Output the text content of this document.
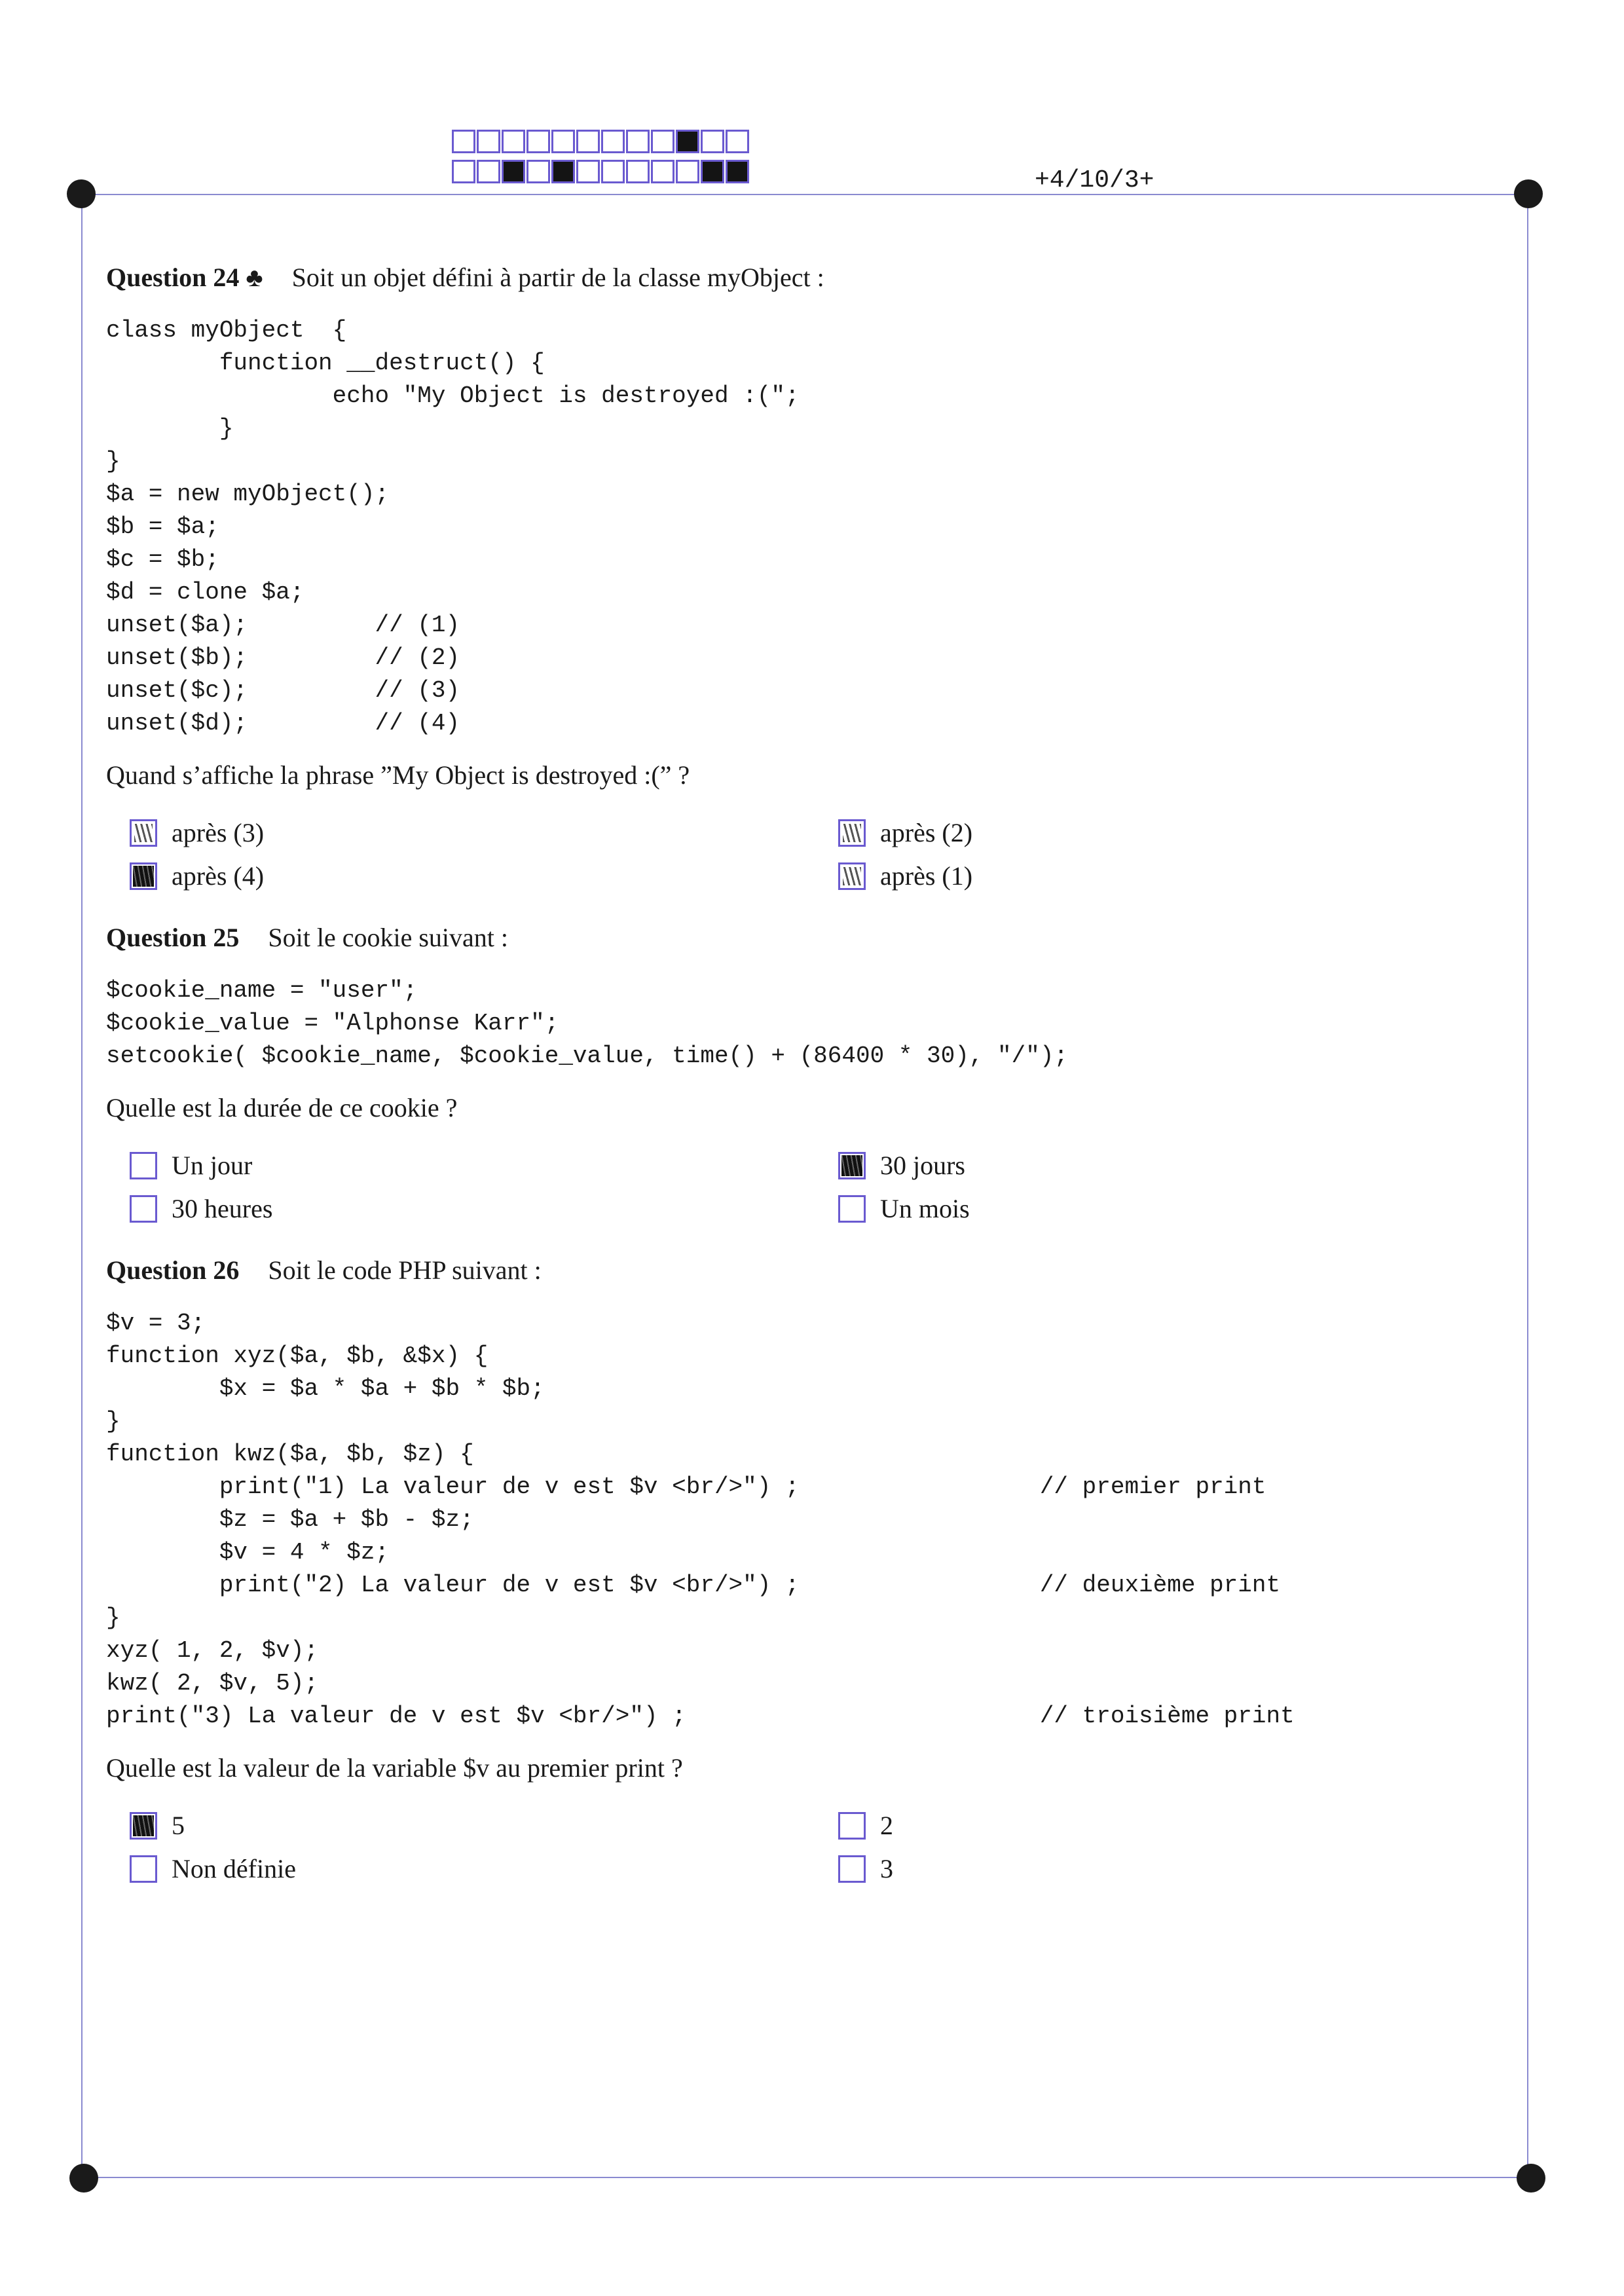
+4/10/3+

Question 24 ♣ Soit un objet défini à partir de la classe myObject :

class myObject  {
function __destruct() {
echo "My Object is destroyed :(";
}
}
$a = new myObject();
$b = $a;
$c = $b;
$d = clone $a;
unset($a);         // (1)
unset($b);         // (2)
unset($c);         // (3)
unset($d);         // (4)

Quand s’affiche la phrase ”My Object is destroyed :(” ?

après (3)	après (2)
après (4)	après (1)

Question 25 Soit le cookie suivant :

$cookie_name = "user";
$cookie_value = "Alphonse Karr";
setcookie( $cookie_name, $cookie_value, time() + (86400 * 30), "/");

Quelle est la durée de ce cookie ?

Un jour	30 jours
30 heures	Un mois

Question 26 Soit le code PHP suivant :

$v = 3;
function xyz($a, $b, &$x) {
$x = $a * $a + $b * $b;
}
function kwz($a, $b, $z) {
print("1) La valeur de v est $v <br/>") ;                 // premier print
$z = $a + $b - $z;
$v = 4 * $z;
print("2) La valeur de v est $v <br/>") ;                 // deuxième print
}
xyz( 1, 2, $v);
kwz( 2, $v, 5);
print("3) La valeur de v est $v <br/>") ;                         // troisième print

Quelle est la valeur de la variable $v au premier print ?

5	2
Non définie	3
